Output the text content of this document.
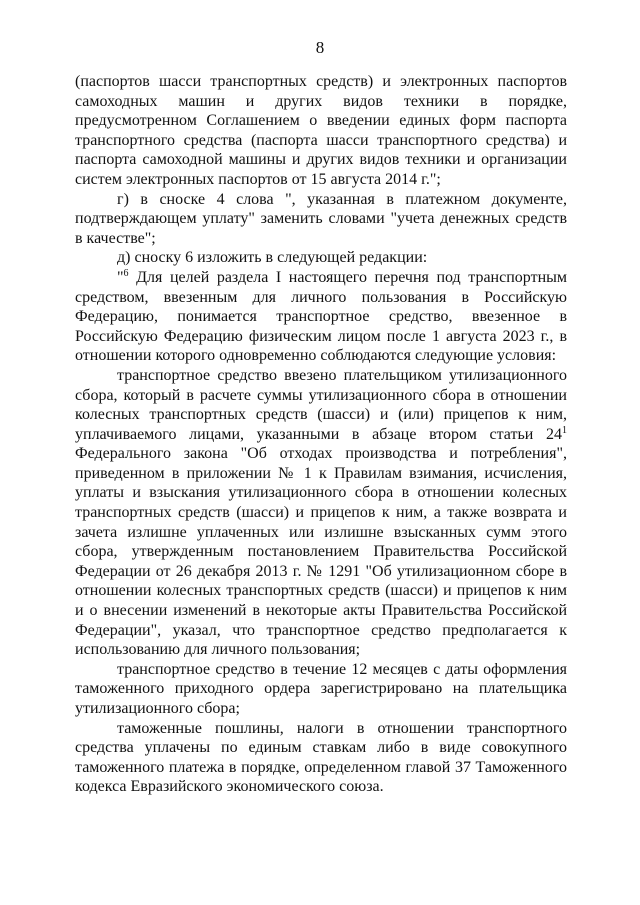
8

(паспортов шасси транспортных средств) и электронных паспортов самоходных машин и других видов техники в порядке, предусмотренном Соглашением о введении единых форм паспорта транспортного средства (паспорта шасси транспортного средства) и паспорта самоходной машины и других видов техники и организации систем электронных паспортов от 15 августа 2014 г.";

г) в сноске 4 слова ", указанная в платежном документе, подтверждающем уплату" заменить словами "учета денежных средств в качестве";

д) сноску 6 изложить в следующей редакции:

"$^6$ Для целей раздела I настоящего перечня под транспортным средством, ввезенным для личного пользования в Российскую Федерацию, понимается транспортное средство, ввезенное в Российскую Федерацию физическим лицом после 1 августа 2023 г., в отношении которого одновременно соблюдаются следующие условия:

транспортное средство ввезено плательщиком утилизационного сбора, который в расчете суммы утилизационного сбора в отношении колесных транспортных средств (шасси) и (или) прицепов к ним, уплачиваемого лицами, указанными в абзаце втором статьи $24^1$ Федерального закона "Об отходах производства и потребления", приведенном в приложении № 1 к Правилам взимания, исчисления, уплаты и взыскания утилизационного сбора в отношении колесных транспортных средств (шасси) и прицепов к ним, а также возврата и зачета излишне уплаченных или излишне взысканных сумм этого сбора, утвержденным постановлением Правительства Российской Федерации от 26 декабря 2013 г. № 1291 "Об утилизационном сборе в отношении колесных транспортных средств (шасси) и прицепов к ним и о внесении изменений в некоторые акты Правительства Российской Федерации", указал, что транспортное средство предполагается к использованию для личного пользования;

транспортное средство в течение 12 месяцев с даты оформления таможенного приходного ордера зарегистрировано на плательщика утилизационного сбора;

таможенные пошлины, налоги в отношении транспортного средства уплачены по единым ставкам либо в виде совокупного таможенного платежа в порядке, определенном главой 37 Таможенного кодекса Евразийского экономического союза.
